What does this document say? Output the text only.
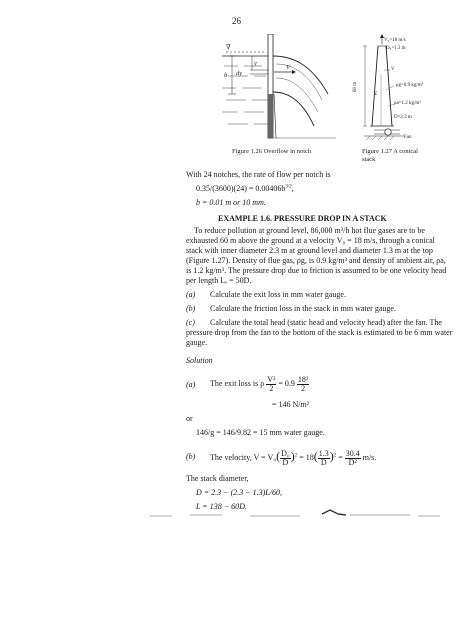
26
∇
b
y
dy
V
Figure 1.26 Overflow in notch
V₀=18 m/s
D₀=1.3 m
V
ρg=0.9 kg/m³
ρa=1.2 kg/m³
60 m
L
D=2.3 m
Fan
Figure 1.27 A conical
stack
With 24 notches, the rate of flow per notch is
$0.35/(3600)(24) = 0.00406b^{3/2}$,
b = 0.01 m or 10 mm.
EXAMPLE 1.6. PRESSURE DROP IN A STACK
To reduce pollution at ground level, 86,000 m³/h hot flue gases are to be
exhausted 60 m above the ground at a velocity V₀ = 18 m/s, through a conical
stack with inner diameter 2.3 m at ground level and diameter 1.3 m at the top
(Figure 1.27). Density of flue gas, ρg, is 0.9 kg/m³ and density of ambient air, ρa,
is 1.2 kg/m³. The pressure drop due to friction is assumed to be one velocity head
per length Lₑ = 50D.
(a) Calculate the exit loss in mm water gauge.
(b) Calculate the friction loss in the stack in mm water gauge.
(c) Calculate the total head (static head and velocity head) after the fan. The
pressure drop from the fan to the bottom of the stack is estimated to be 6 mm water
gauge.
Solution
(a) The exit loss is ρ $\frac{\text{V²}}{2} = 0.9 \frac{\text{18²}}{2}$
= 146 N/m²
or
146/g = 146/9.82 = 15 mm water gauge.
(b) The velocity, $V = V_0( \frac{\text{D₀}}{D} )^2 = 18( \frac{1.3}{D} )^2 = \frac{30.4}{\text{D²}} m/s$.
The stack diameter,
D = 2.3 − (2.3 − 1.3)L/60,
L = 138 − 60D.
